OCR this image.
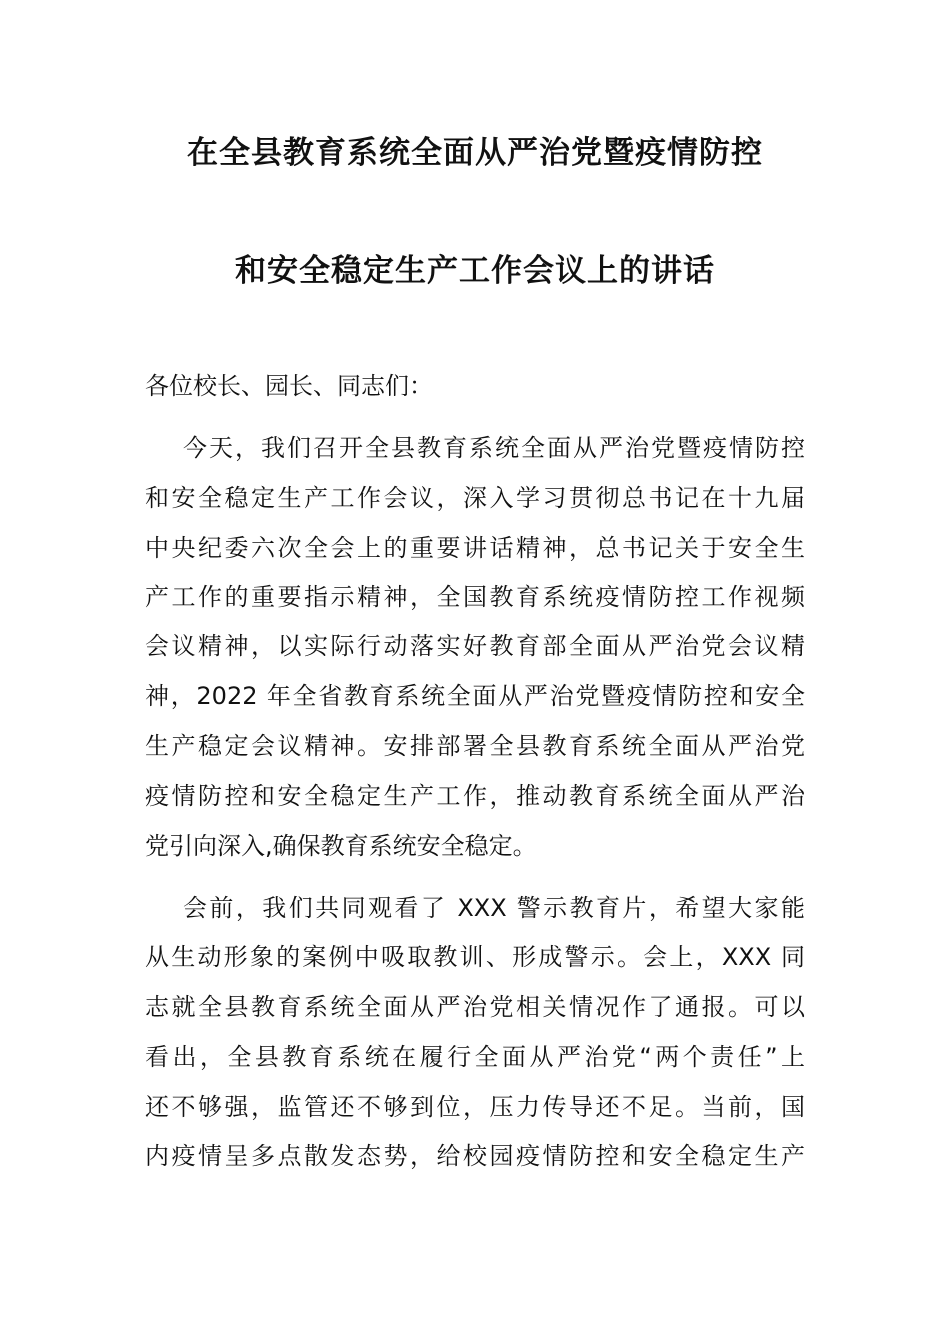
在全县教育系统全面从严治党暨疫情防控
和安全稳定生产工作会议上的讲话
各位校长、园长、同志们：
今天，我们召开全县教育系统全面从严治党暨疫情防控
和安全稳定生产工作会议，深入学习贯彻总书记在十九届
中央纪委六次全会上的重要讲话精神，总书记关于安全生
产工作的重要指示精神，全国教育系统疫情防控工作视频
会议精神，以实际行动落实好教育部全面从严治党会议精
神，2022 年全省教育系统全面从严治党暨疫情防控和安全
生产稳定会议精神。安排部署全县教育系统全面从严治党
疫情防控和安全稳定生产工作，推动教育系统全面从严治
党引向深入,确保教育系统安全稳定。
会前，我们共同观看了 XXX 警示教育片，希望大家能
从生动形象的案例中吸取教训、形成警示。会上，XXX 同
志就全县教育系统全面从严治党相关情况作了通报。可以
看出，全县教育系统在履行全面从严治党“两个责任”上
还不够强，监管还不够到位，压力传导还不足。当前，国
内疫情呈多点散发态势，给校园疫情防控和安全稳定生产
